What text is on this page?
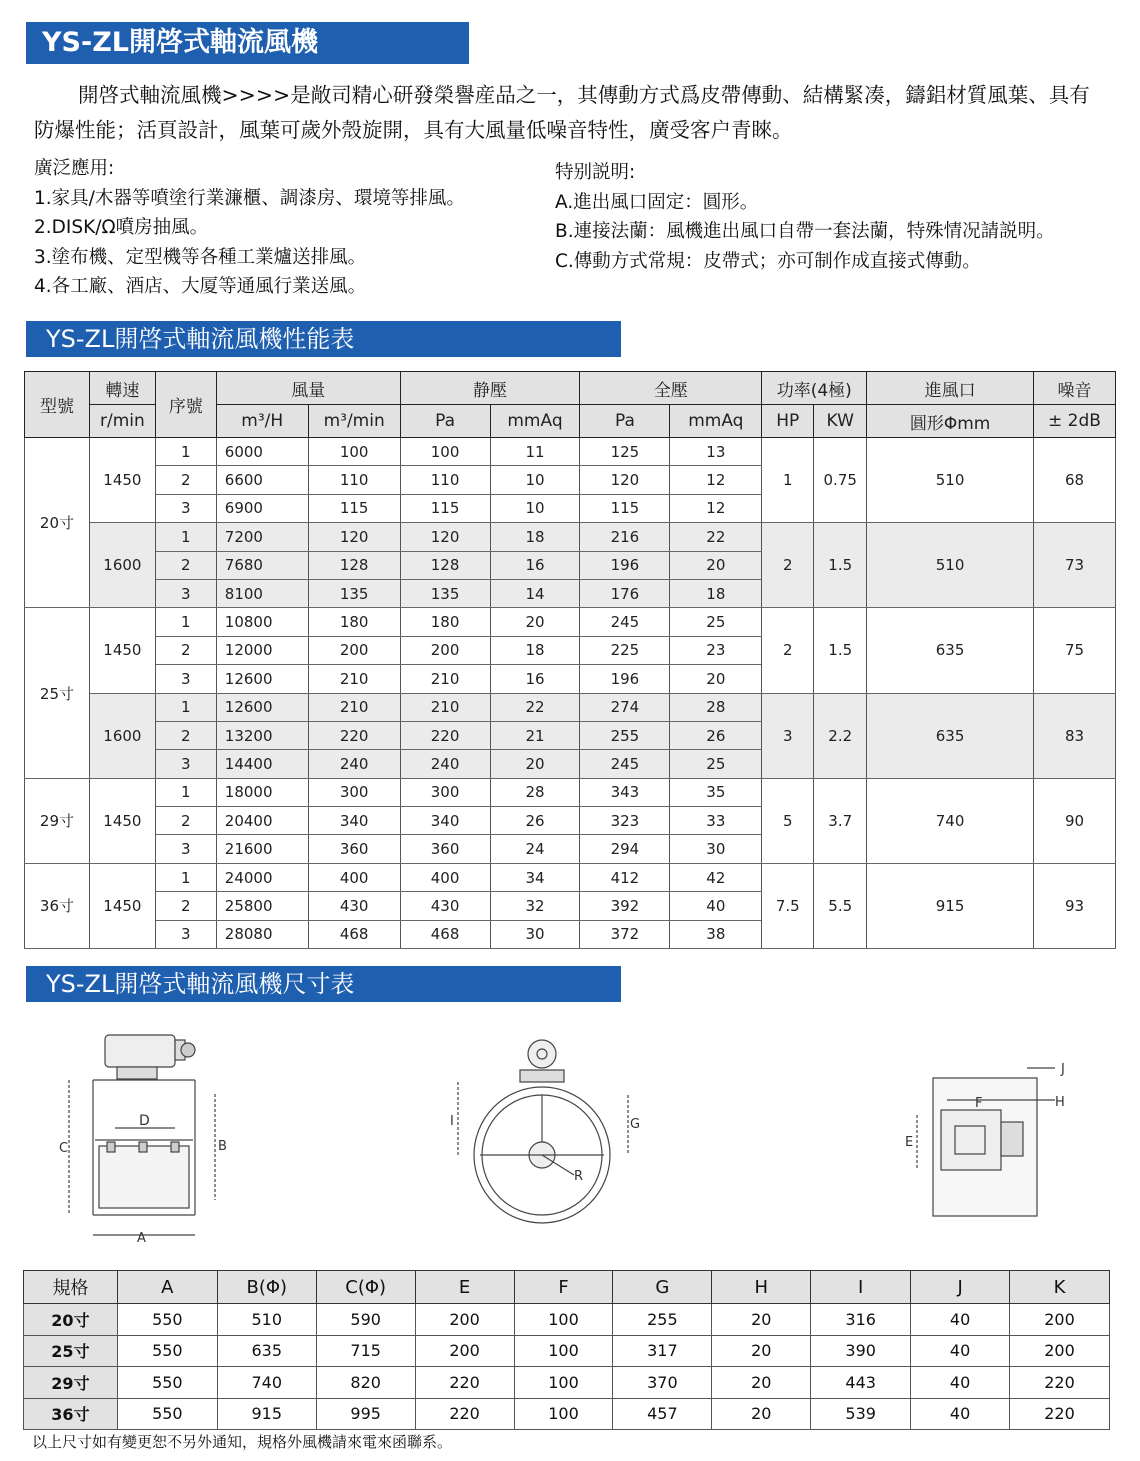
YS-ZL開啓式軸流風機

開啓式軸流風機>>>>是敞司精心研發榮譽産品之一，其傳動方式爲皮帶傳動、結構緊凑，鑄鋁材質風葉、具有防爆性能；活頁設計，風葉可歲外殼旋開，具有大風量低噪音特性，廣受客户青睞。

廣泛應用:
1.家具/木器等噴塗行業濂櫃、調漆房、環境等排風。
2.DISK/Ω噴房抽風。
3.塗布機、定型機等各種工業爐送排風。
4.各工廠、酒店、大厦等通風行業送風。
特别説明:
A.進出風口固定：圓形。
B.連接法蘭：風機進出風口自帶一套法蘭，特殊情况請説明。
C.傳動方式常規：皮帶式；亦可制作成直接式傳動。
YS-ZL開啓式軸流風機性能表
型號	轉速	序號	風量		静壓		全壓		功率(4極)		進風口	噪音
	r/min		m³/H	m³/min	Pa	mmAq	Pa	mmAq	HP	KW	圓形Φmm	± 2dB
20寸	1450	1	6000	100	100	11	125	13	1	0.75	510	68
		2	6600	110	110	10	120	12				
		3	6900	115	115	10	115	12				
	1600	1	7200	120	120	18	216	22	2	1.5	510	73
		2	7680	128	128	16	196	20				
		3	8100	135	135	14	176	18				
25寸	1450	1	10800	180	180	20	245	25	2	1.5	635	75
		2	12000	200	200	18	225	23				
		3	12600	210	210	16	196	20				
	1600	1	12600	210	210	22	274	28	3	2.2	635	83
		2	13200	220	220	21	255	26				
		3	14400	240	240	20	245	25				
29寸	1450	1	18000	300	300	28	343	35	5	3.7	740	90
		2	20400	340	340	26	323	33				
		3	21600	360	360	24	294	30				
36寸	1450	1	24000	400	400	34	412	42	7.5	5.5	915	93
		2	25800	430	430	32	392	40				
		3	28080	468	468	30	372	38				
YS-ZL開啓式軸流風機尺寸表
C	B
D
A
I	G
R
F	H
J
E
規格	A	B(Φ)	C(Φ)	E	F	G	H	I	J	K
20寸	550	510	590	200	100	255	20	316	40	200
25寸	550	635	715	200	100	317	20	390	40	200
29寸	550	740	820	220	100	370	20	443	40	220
36寸	550	915	995	220	100	457	20	539	40	220
以上尺寸如有變更恕不另外通知，規格外風機請來電來函聯系。
